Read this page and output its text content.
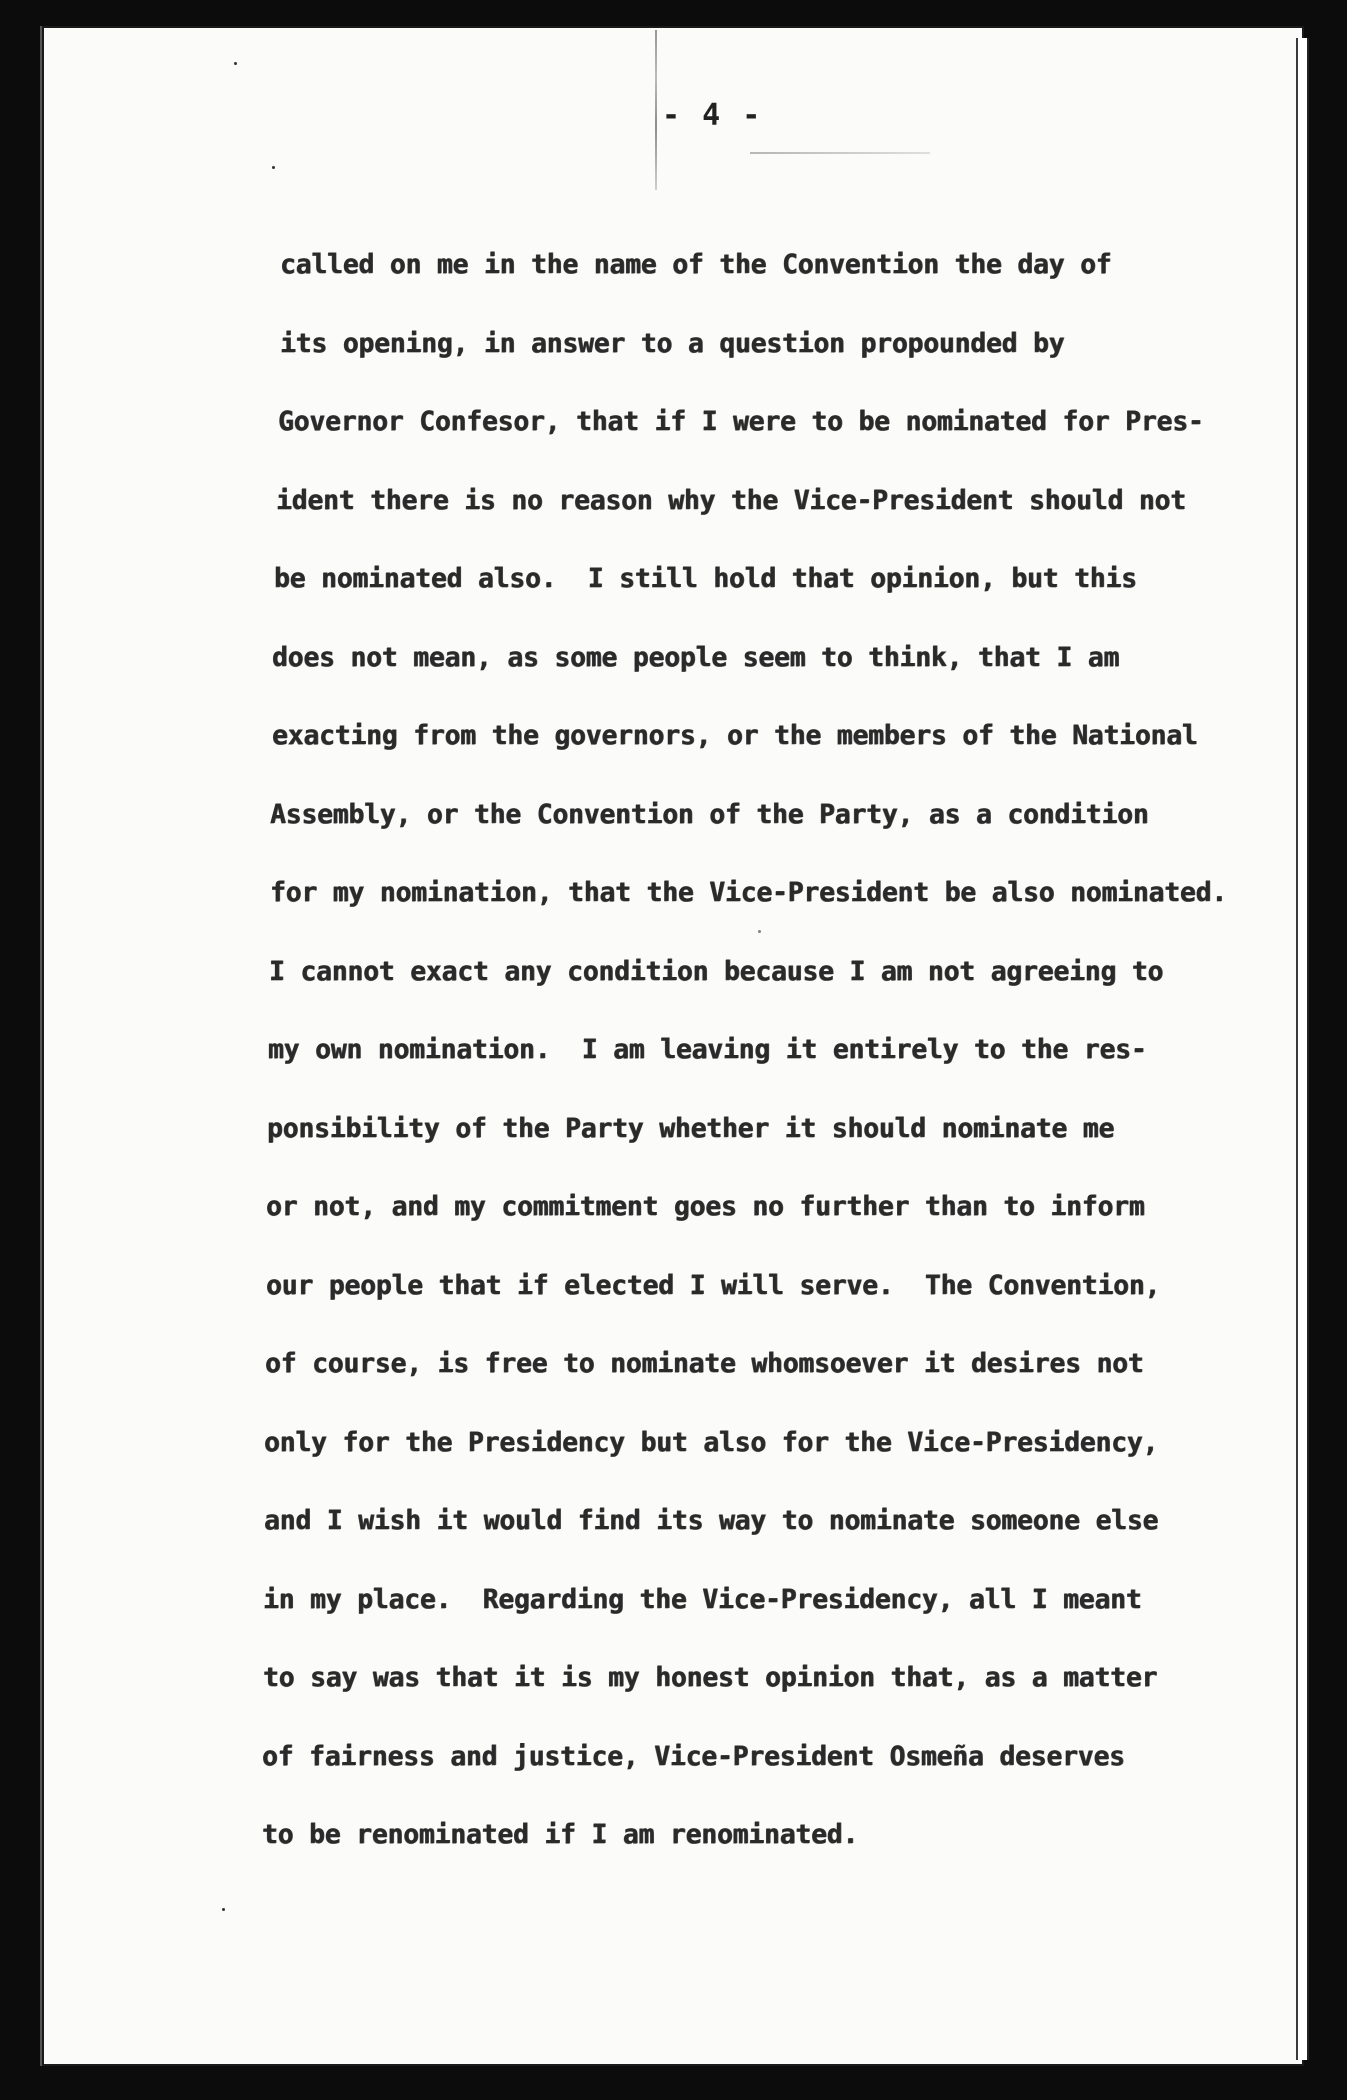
- 4 -
called on me in the name of the Convention the day of
its opening, in answer to a question propounded by
Governor Confesor, that if I were to be nominated for Pres-
ident there is no reason why the Vice-President should not
be nominated also.  I still hold that opinion, but this
does not mean, as some people seem to think, that I am
exacting from the governors, or the members of the National
Assembly, or the Convention of the Party, as a condition
for my nomination, that the Vice-President be also nominated.
I cannot exact any condition because I am not agreeing to
my own nomination.  I am leaving it entirely to the res-
ponsibility of the Party whether it should nominate me
or not, and my commitment goes no further than to inform
our people that if elected I will serve.  The Convention,
of course, is free to nominate whomsoever it desires not
only for the Presidency but also for the Vice-Presidency,
and I wish it would find its way to nominate someone else
in my place.  Regarding the Vice-Presidency, all I meant
to say was that it is my honest opinion that, as a matter
of fairness and justice, Vice-President Osmeña deserves
to be renominated if I am renominated.
